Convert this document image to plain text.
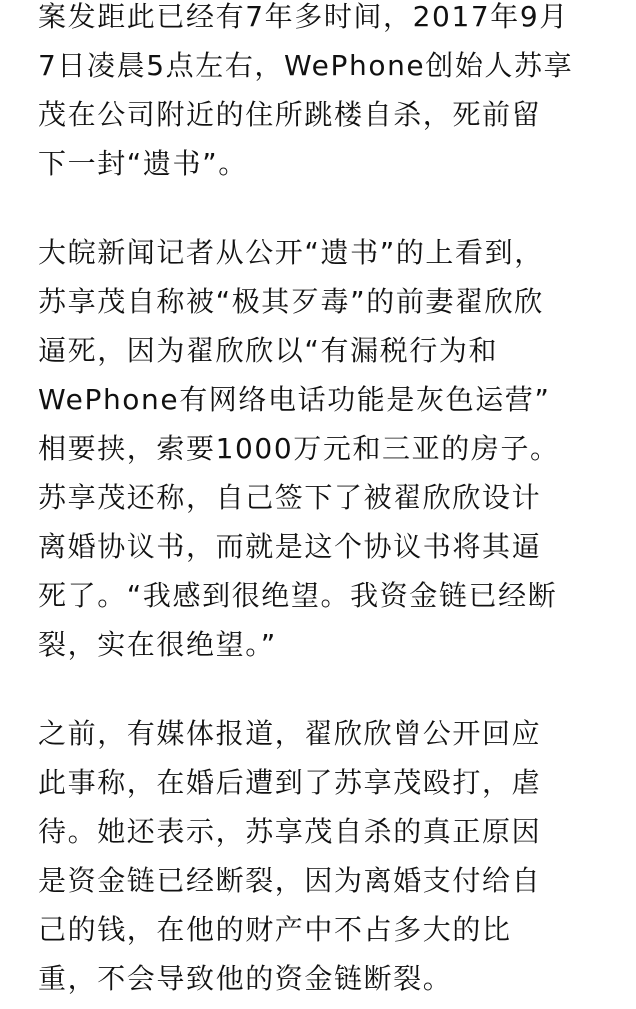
案发距此已经有7年多时间，2017年9月
7日凌晨5点左右，WePhone创始人苏享
茂在公司附近的住所跳楼自杀，死前留
下一封“遗书”。
大皖新闻记者从公开“遗书”的上看到，
苏享茂自称被“极其歹毒”的前妻翟欣欣
逼死，因为翟欣欣以“有漏税行为和
WePhone有网络电话功能是灰色运营”
相要挟，索要1000万元和三亚的房子。
苏享茂还称，自己签下了被翟欣欣设计
离婚协议书，而就是这个协议书将其逼
死了。“我感到很绝望。我资金链已经断
裂，实在很绝望。”
之前，有媒体报道，翟欣欣曾公开回应
此事称，在婚后遭到了苏享茂殴打，虐
待。她还表示，苏享茂自杀的真正原因
是资金链已经断裂，因为离婚支付给自
己的钱，在他的财产中不占多大的比
重，不会导致他的资金链断裂。
